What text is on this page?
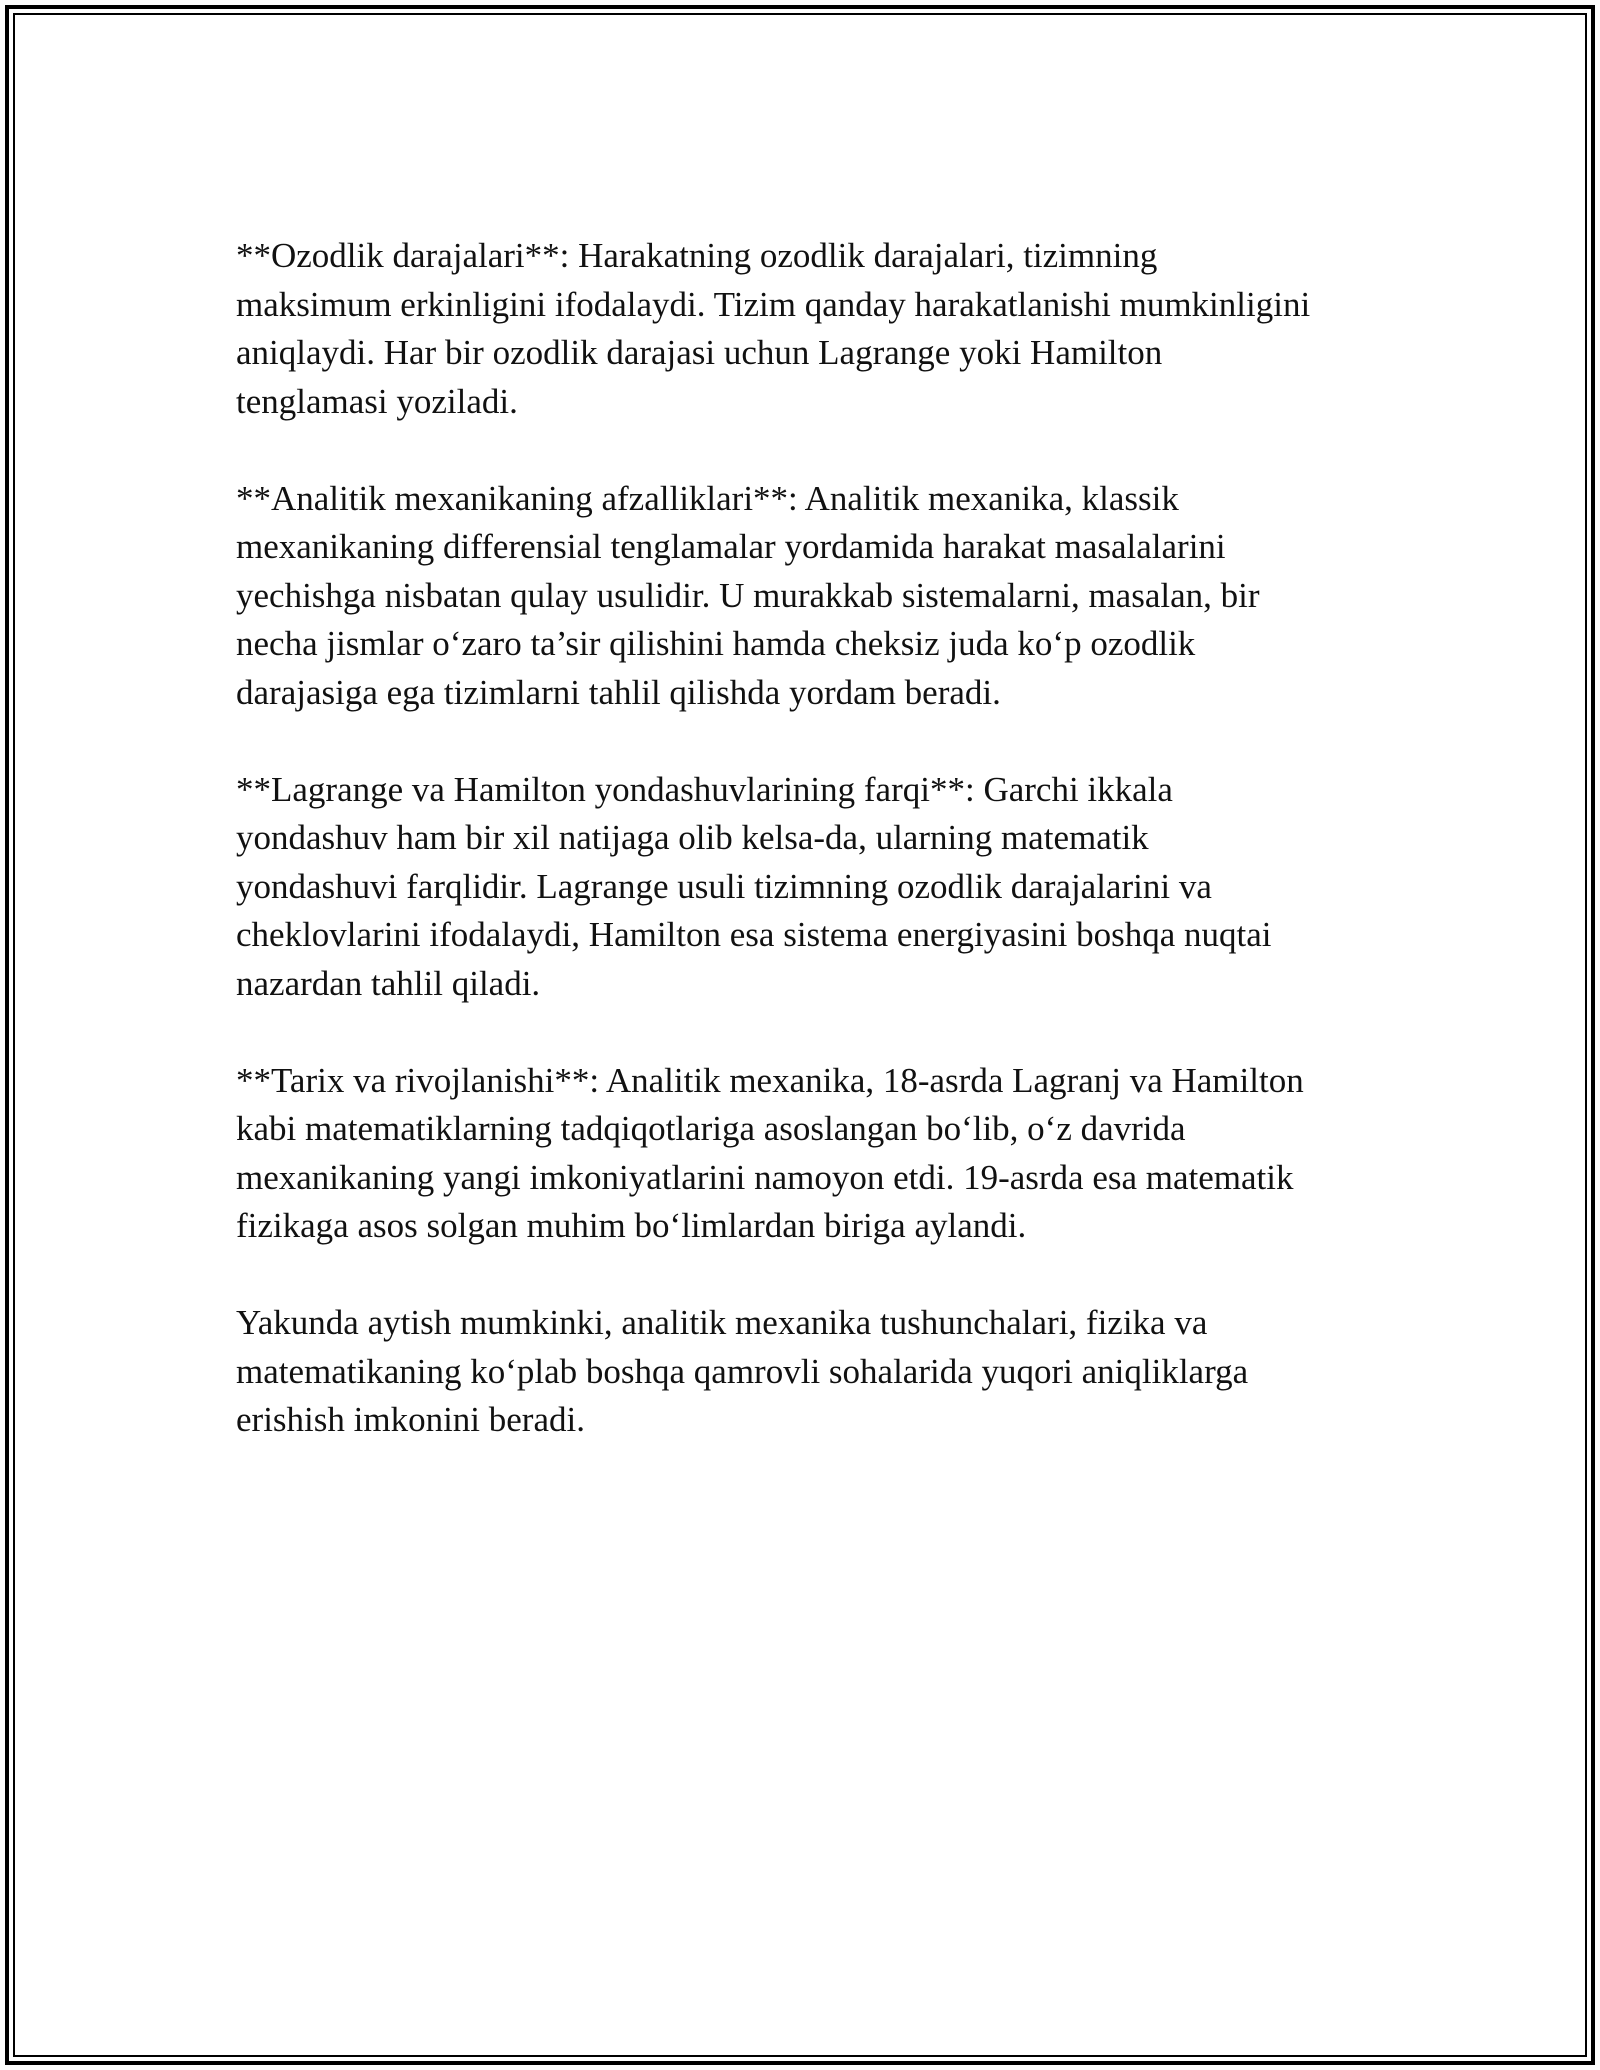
**Ozodlik darajalari**: Harakatning ozodlik darajalari, tizimning
maksimum erkinligini ifodalaydi. Tizim qanday harakatlanishi mumkinligini
aniqlaydi. Har bir ozodlik darajasi uchun Lagrange yoki Hamilton
tenglamasi yoziladi.

**Analitik mexanikaning afzalliklari**: Analitik mexanika, klassik
mexanikaning differensial tenglamalar yordamida harakat masalalarini
yechishga nisbatan qulay usulidir. U murakkab sistemalarni, masalan, bir
necha jismlar o‘zaro ta’sir qilishini hamda cheksiz juda ko‘p ozodlik
darajasiga ega tizimlarni tahlil qilishda yordam beradi.

**Lagrange va Hamilton yondashuvlarining farqi**: Garchi ikkala
yondashuv ham bir xil natijaga olib kelsa-da, ularning matematik
yondashuvi farqlidir. Lagrange usuli tizimning ozodlik darajalarini va
cheklovlarini ifodalaydi, Hamilton esa sistema energiyasini boshqa nuqtai
nazardan tahlil qiladi.

**Tarix va rivojlanishi**: Analitik mexanika, 18-asrda Lagranj va Hamilton
kabi matematiklarning tadqiqotlariga asoslangan bo‘lib, o‘z davrida
mexanikaning yangi imkoniyatlarini namoyon etdi. 19-asrda esa matematik
fizikaga asos solgan muhim bo‘limlardan biriga aylandi.

Yakunda aytish mumkinki, analitik mexanika tushunchalari, fizika va
matematikaning ko‘plab boshqa qamrovli sohalarida yuqori aniqliklarga
erishish imkonini beradi.
